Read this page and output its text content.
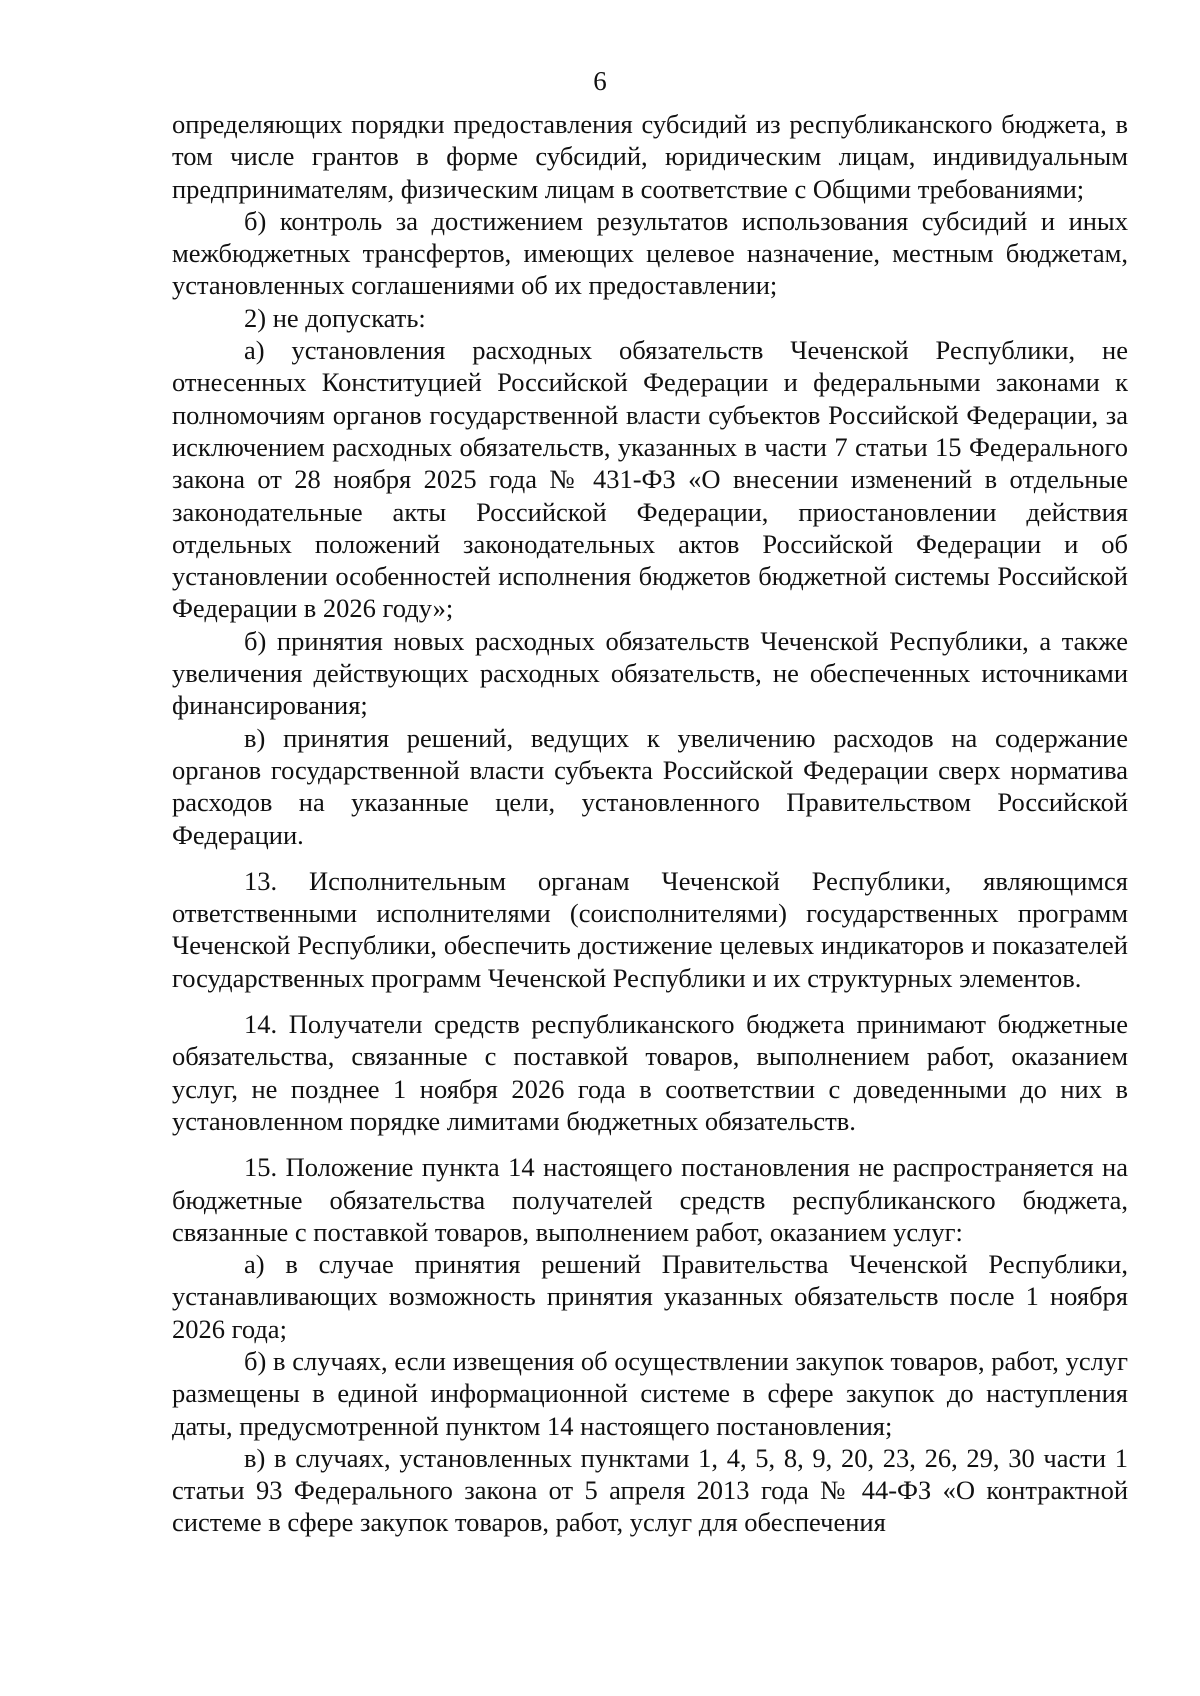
6

определяющих порядки предоставления субсидий из республиканского бюджета, в том числе грантов в форме субсидий, юридическим лицам, индивидуальным предпринимателям, физическим лицам в соответствие с Общими требованиями;

б) контроль за достижением результатов использования субсидий и иных межбюджетных трансфертов, имеющих целевое назначение, местным бюджетам, установленных соглашениями об их предоставлении;

2) не допускать:

а) установления расходных обязательств Чеченской Республики, не отнесенных Конституцией Российской Федерации и федеральными законами к полномочиям органов государственной власти субъектов Российской Федерации, за исключением расходных обязательств, указанных в части 7 статьи 15 Федерального закона от 28 ноября 2025 года № 431-ФЗ «О внесении изменений в отдельные законодательные акты Российской Федерации, приостановлении действия отдельных положений законодательных актов Российской Федерации и об установлении особенностей исполнения бюджетов бюджетной системы Российской Федерации в 2026 году»;

б) принятия новых расходных обязательств Чеченской Республики, а также увеличения действующих расходных обязательств, не обеспеченных источниками финансирования;

в) принятия решений, ведущих к увеличению расходов на содержание органов государственной власти субъекта Российской Федерации сверх норматива расходов на указанные цели, установленного Правительством Российской Федерации.

13. Исполнительным органам Чеченской Республики, являющимся ответственными исполнителями (соисполнителями) государственных программ Чеченской Республики, обеспечить достижение целевых индикаторов и показателей государственных программ Чеченской Республики и их структурных элементов.

14. Получатели средств республиканского бюджета принимают бюджетные обязательства, связанные с поставкой товаров, выполнением работ, оказанием услуг, не позднее 1 ноября 2026 года в соответствии с доведенными до них в установленном порядке лимитами бюджетных обязательств.

15. Положение пункта 14 настоящего постановления не распространяется на бюджетные обязательства получателей средств республиканского бюджета, связанные с поставкой товаров, выполнением работ, оказанием услуг:

а) в случае принятия решений Правительства Чеченской Республики, устанавливающих возможность принятия указанных обязательств после 1 ноября 2026 года;

б) в случаях, если извещения об осуществлении закупок товаров, работ, услуг размещены в единой информационной системе в сфере закупок до наступления даты, предусмотренной пунктом 14 настоящего постановления;

в) в случаях, установленных пунктами 1, 4, 5, 8, 9, 20, 23, 26, 29, 30 части 1 статьи 93 Федерального закона от 5 апреля 2013 года № 44-ФЗ «О контрактной системе в сфере закупок товаров, работ, услуг для обеспечения
